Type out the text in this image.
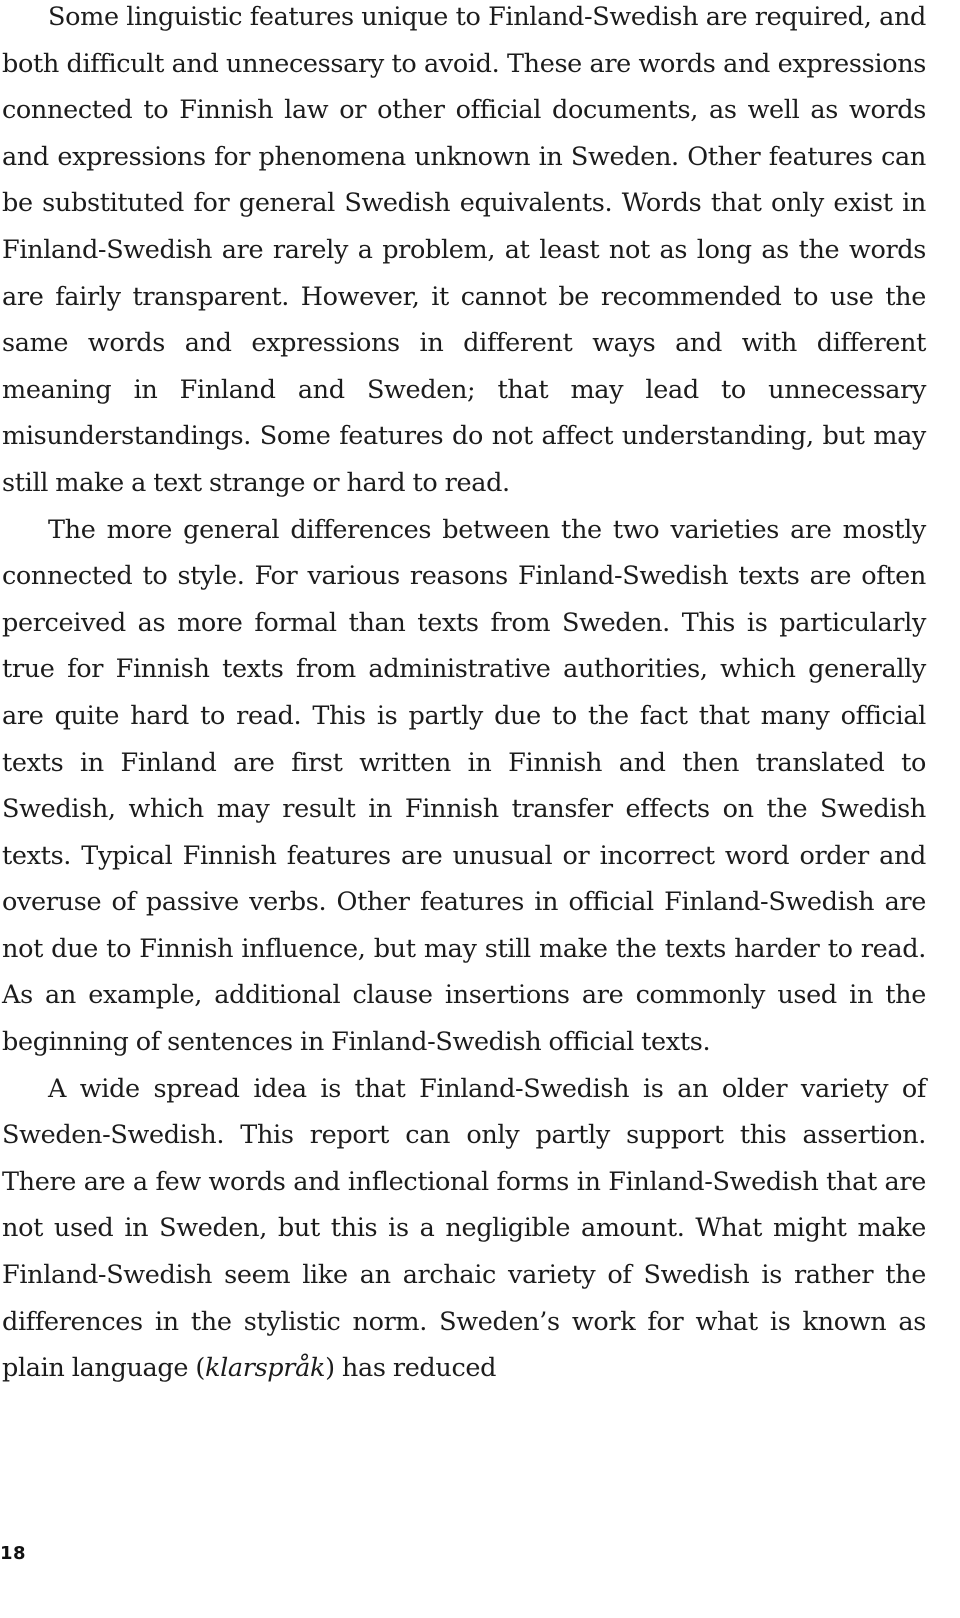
Some linguistic features unique to Finland-Swedish are required, and both difficult and unnecessary to avoid. These are words and expressions connected to Finnish law or other official documents, as well as words and expressions for phenomena unknown in Sweden. Other features can be substituted for general Swedish equivalents. Words that only exist in Finland-Swedish are rarely a problem, at least not as long as the words are fairly transparent. However, it cannot be recommended to use the same words and expressions in different ways and with different meaning in Finland and Sweden; that may lead to unnecessary misunderstandings. Some features do not affect understanding, but may still make a text strange or hard to read.

The more general differences between the two varieties are mostly connected to style. For various reasons Finland-Swedish texts are often perceived as more formal than texts from Sweden. This is particularly true for Finnish texts from administrative authorities, which generally are quite hard to read. This is partly due to the fact that many official texts in Finland are first written in Finnish and then translated to Swedish, which may result in Finnish transfer effects on the Swedish texts. Typical Finnish features are unusual or incorrect word order and overuse of passive verbs. Other features in official Finland-Swedish are not due to Finnish influence, but may still make the texts harder to read. As an example, additional clause insertions are commonly used in the beginning of sentences in Finland-Swedish official texts.

A wide spread idea is that Finland-Swedish is an older variety of Sweden-Swedish. This report can only partly support this assertion. There are a few words and inflectional forms in Finland-Swedish that are not used in Sweden, but this is a negligible amount. What might make Finland-Swedish seem like an archaic variety of Swedish is rather the differences in the stylistic norm. Sweden’s work for what is known as plain language (klarspråk) has reduced

18
